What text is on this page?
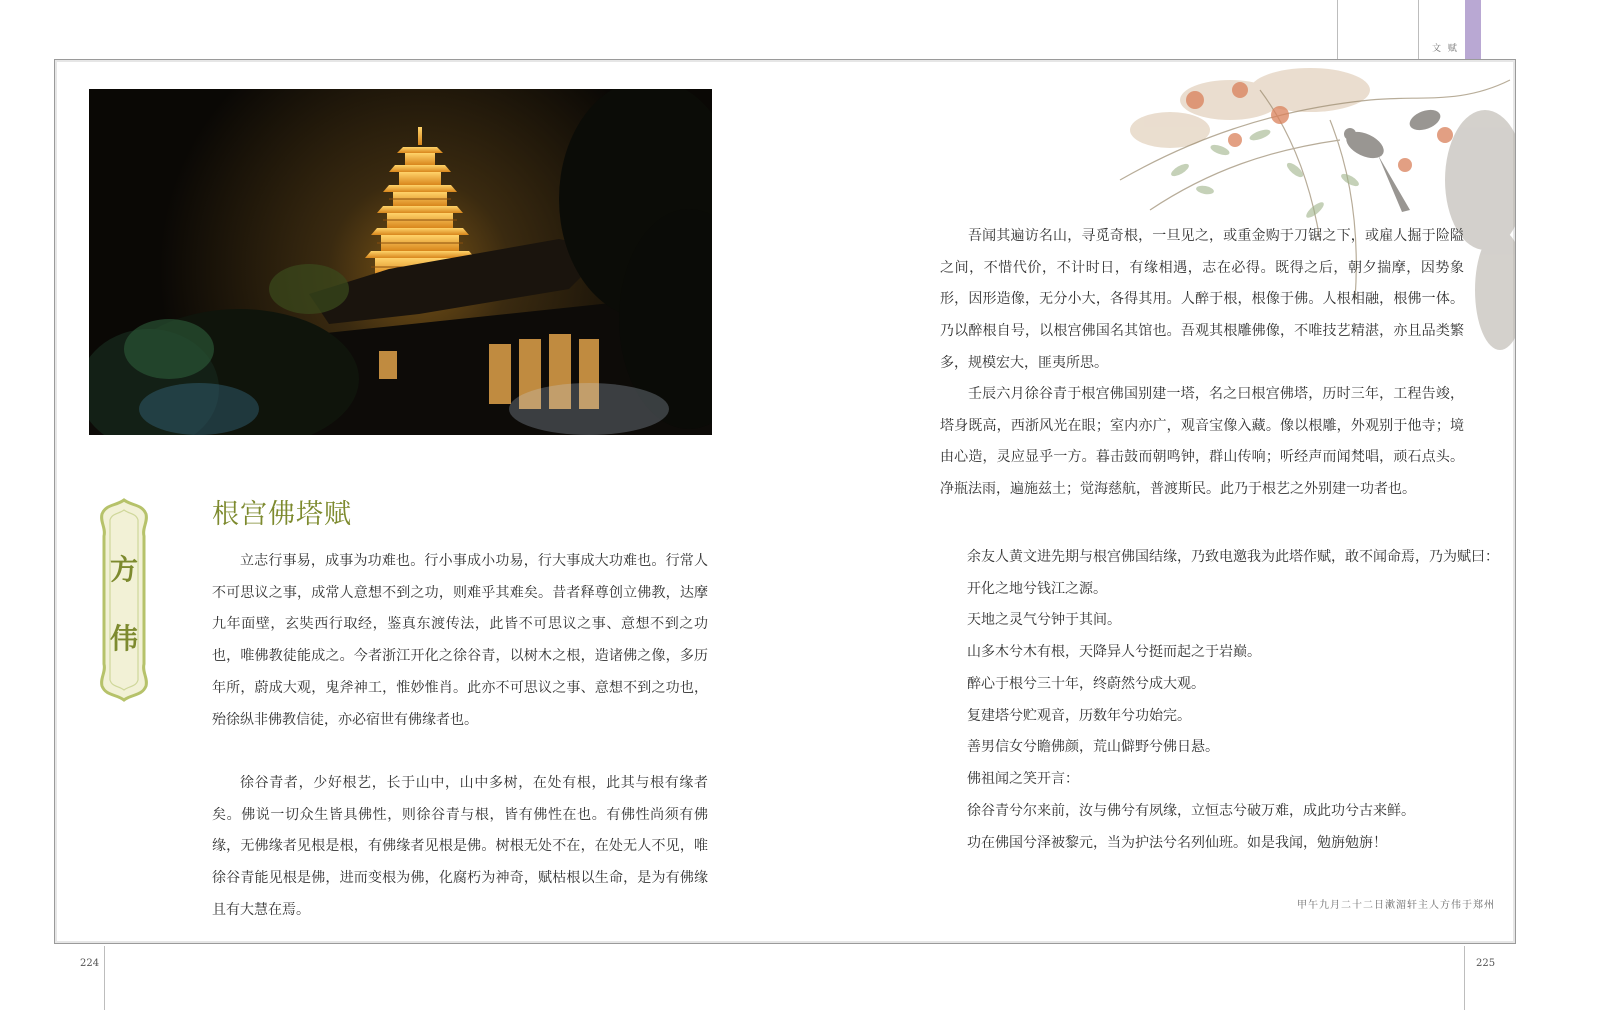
文 赋
224	225
方
伟
根宫佛塔赋

立志行事易，成事为功难也。行小事成小功易，行大事成大功难也。行常人不可思议之事，成常人意想不到之功，则难乎其难矣。昔者释尊创立佛教，达摩九年面壁，玄奘西行取经，鉴真东渡传法，此皆不可思议之事、意想不到之功也，唯佛教徒能成之。今者浙江开化之徐谷青，以树木之根，造诸佛之像，多历年所，蔚成大观，鬼斧神工，惟妙惟肖。此亦不可思议之事、意想不到之功也，殆徐纵非佛教信徒，亦必宿世有佛缘者也。

徐谷青者，少好根艺，长于山中，山中多树，在处有根，此其与根有缘者矣。佛说一切众生皆具佛性，则徐谷青与根，皆有佛性在也。有佛性尚须有佛缘，无佛缘者见根是根，有佛缘者见根是佛。树根无处不在，在处无人不见，唯徐谷青能见根是佛，进而变根为佛，化腐朽为神奇，赋枯根以生命，是为有佛缘且有大慧在焉。

吾闻其遍访名山，寻觅奇根，一旦见之，或重金购于刀锯之下，或雇人掘于险隘之间，不惜代价，不计时日，有缘相遇，志在必得。既得之后，朝夕揣摩，因势象形，因形造像，无分小大，各得其用。人醉于根，根像于佛。人根相融，根佛一体。乃以醉根自号，以根宫佛国名其馆也。吾观其根雕佛像，不唯技艺精湛，亦且品类繁多，规模宏大，匪夷所思。

壬辰六月徐谷青于根宫佛国别建一塔，名之曰根宫佛塔，历时三年，工程告竣，塔身既高，西浙风光在眼；室内亦广，观音宝像入藏。像以根雕，外观别于他寺；境由心造，灵应显乎一方。暮击鼓而朝鸣钟，群山传响；听经声而闻梵唱，顽石点头。净瓶法雨，遍施兹土；觉海慈航，普渡斯民。此乃于根艺之外别建一功者也。

余友人黄文进先期与根宫佛国结缘，乃致电邀我为此塔作赋，敢不闻命焉，乃为赋曰：
开化之地兮钱江之源。
天地之灵气兮钟于其间。
山多木兮木有根，天降异人兮挺而起之于岩巅。
醉心于根兮三十年，终蔚然兮成大观。
复建塔兮贮观音，历数年兮功始完。
善男信女兮瞻佛颜，荒山僻野兮佛日悬。
佛祖闻之笑开言：
徐谷青兮尔来前，汝与佛兮有夙缘，立恒志兮破万难，成此功兮古来鲜。
功在佛国兮泽被黎元，当为护法兮名列仙班。如是我闻，勉旃勉旃！
甲午九月二十二日漱湄轩主人方伟于郑州
